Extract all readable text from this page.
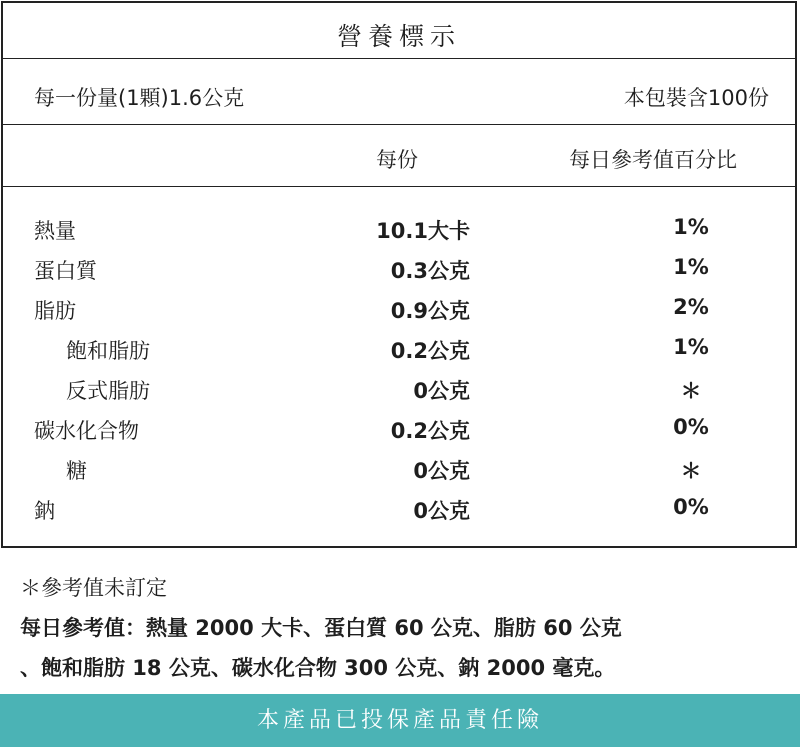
營養標示
每一份量(1顆)1.6公克	本包裝含100份
每份	每日參考值百分比
熱量	10.1大卡	1%
蛋白質	0.3公克	1%
脂肪	0.9公克	2%
飽和脂肪	0.2公克	1%
反式脂肪	0公克	＊
碳水化合物	0.2公克	0%
糖	0公克	＊
鈉	0公克	0%
＊參考值未訂定
每日參考值：熱量 2000 大卡、蛋白質 60 公克、脂肪 60 公克
、飽和脂肪 18 公克、碳水化合物 300 公克、鈉 2000 毫克。
本產品已投保產品責任險
